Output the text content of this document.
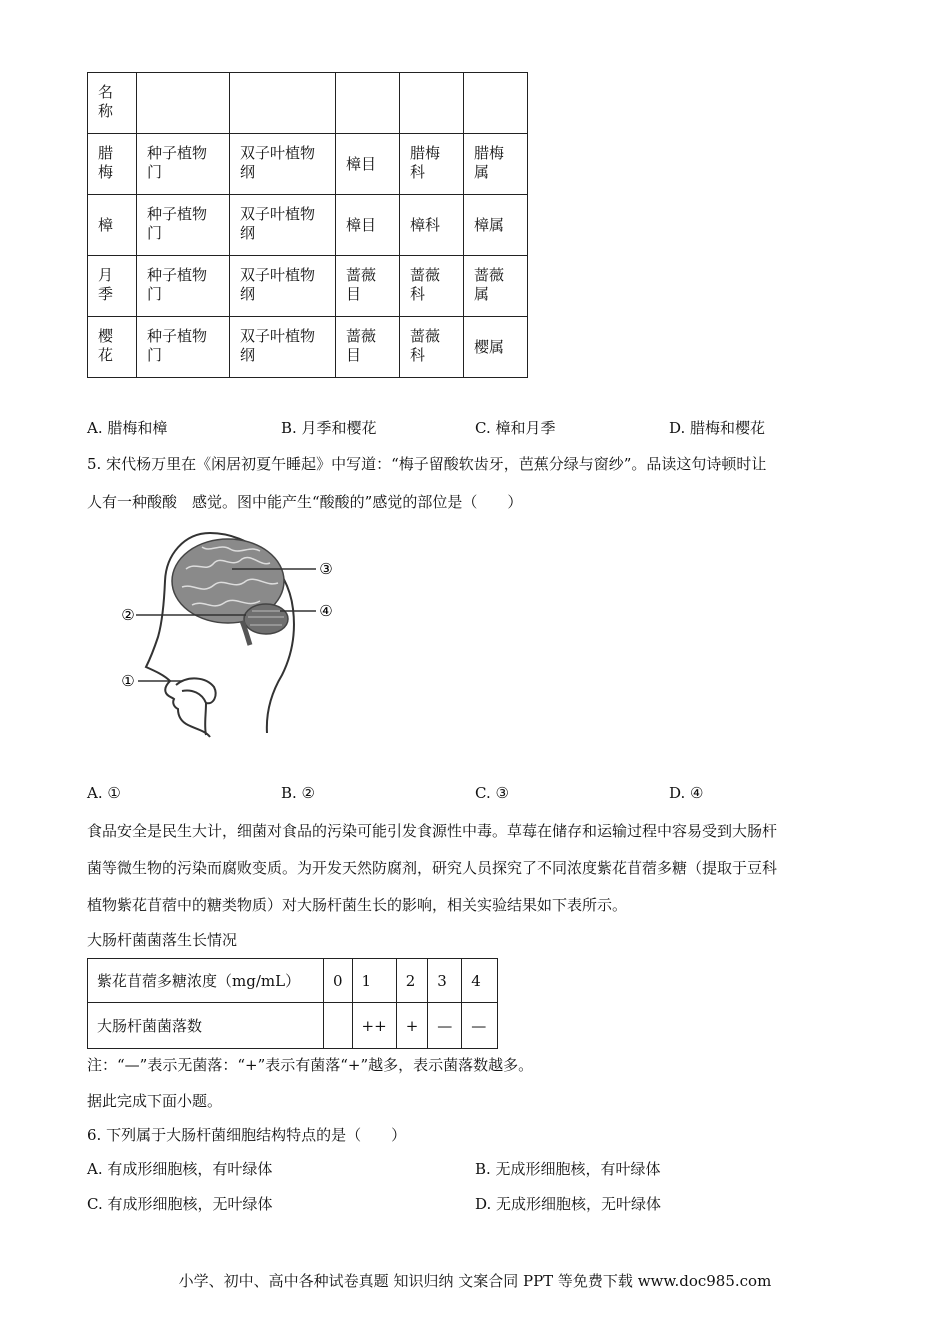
名称					
腊梅	种子植物门	双子叶植物纲	樟目	腊梅科	腊梅属
樟	种子植物门	双子叶植物纲	樟目	樟科	樟属
月季	种子植物门	双子叶植物纲	蔷薇目	蔷薇科	蔷薇属
樱花	种子植物门	双子叶植物纲	蔷薇目	蔷薇科	樱属
A. 腊梅和樟	B. 月季和樱花	C. 樟和月季	D. 腊梅和樱花
5. 宋代杨万里在《闲居初夏午睡起》中写道：“梅子留酸软齿牙，芭蕉分绿与窗纱”。品读这句诗顿时让
人有一种酸酸　感觉。图中能产生“酸酸的”感觉的部位是（　　）
③
②	④
①
A. ①	B. ②	C. ③	D. ④
食品安全是民生大计，细菌对食品的污染可能引发食源性中毒。草莓在储存和运输过程中容易受到大肠杆
菌等微生物的污染而腐败变质。为开发天然防腐剂，研究人员探究了不同浓度紫花苜蓿多糖（提取于豆科
植物紫花苜蓿中的糖类物质）对大肠杆菌生长的影响，相关实验结果如下表所示。
大肠杆菌菌落生长情况
紫花苜蓿多糖浓度（mg/mL）	0	1	2	3	4
大肠杆菌菌落数		++	+	—	—
注：“—”表示无菌落：“+”表示有菌落“+”越多，表示菌落数越多。
据此完成下面小题。
6. 下列属于大肠杆菌细胞结构特点的是（　　）
A. 有成形细胞核，有叶绿体	B. 无成形细胞核，有叶绿体
C. 有成形细胞核，无叶绿体	D. 无成形细胞核，无叶绿体
小学、初中、高中各种试卷真题 知识归纳 文案合同 PPT 等免费下载 www.doc985.com
